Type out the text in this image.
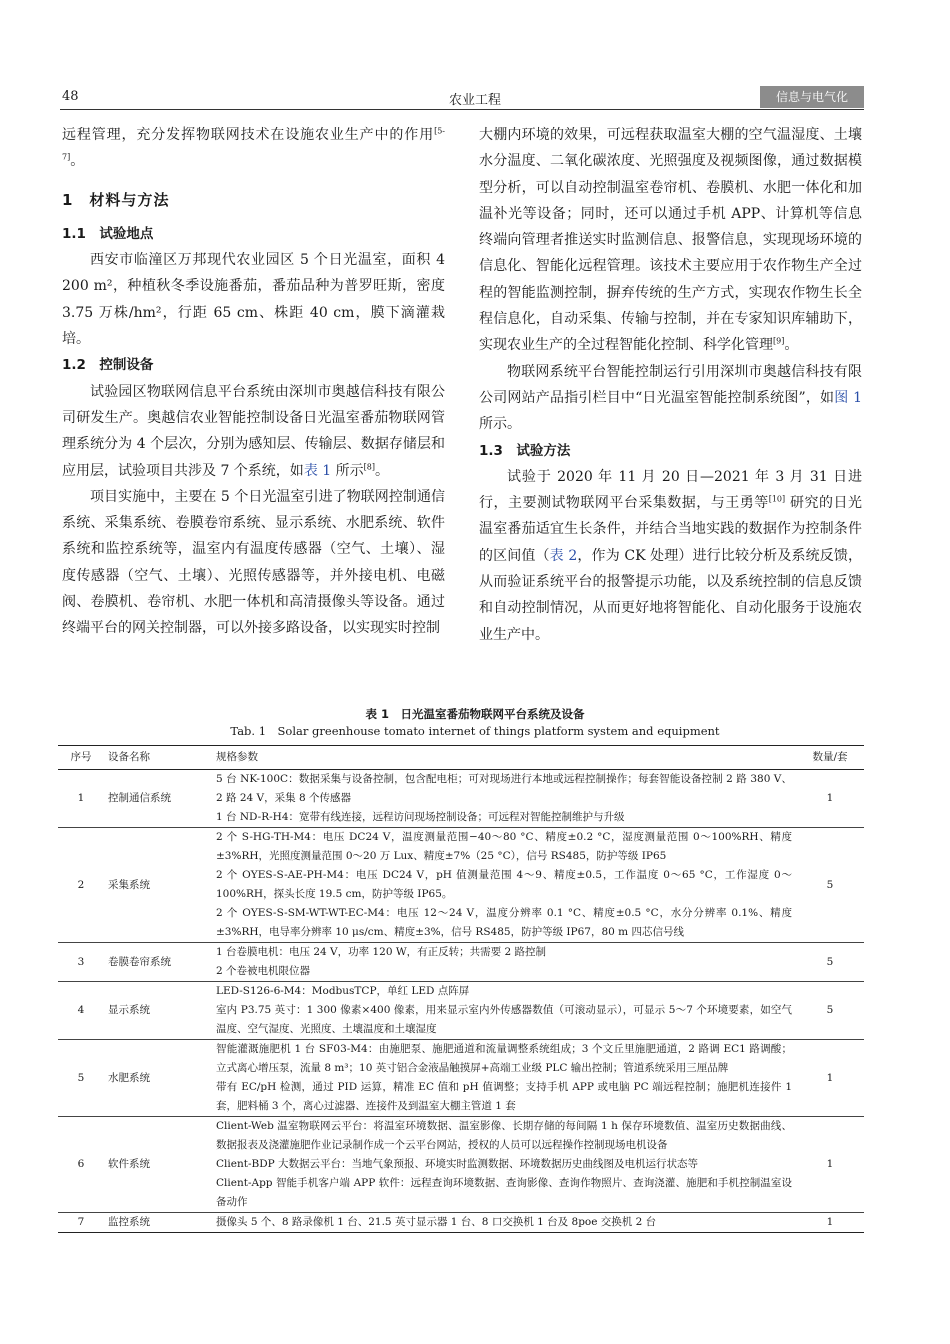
48	农业工程	信息与电气化

远程管理，充分发挥物联网技术在设施农业生产中的作用[5-7]。

1　材料与方法

1.1　试验地点

西安市临潼区万邦现代农业园区 5 个日光温室，面积 4 200 m²，种植秋冬季设施番茄，番茄品种为普罗旺斯，密度 3.75 万株/hm²，行距 65 cm、株距 40 cm，膜下滴灌栽培。

1.2　控制设备

试验园区物联网信息平台系统由深圳市奥越信科技有限公司研发生产。奥越信农业智能控制设备日光温室番茄物联网管理系统分为 4 个层次，分别为感知层、传输层、数据存储层和应用层，试验项目共涉及 7 个系统，如表 1 所示[8]。

项目实施中，主要在 5 个日光温室引进了物联网控制通信系统、采集系统、卷膜卷帘系统、显示系统、水肥系统、软件系统和监控系统等，温室内有温度传感器（空气、土壤）、湿度传感器（空气、土壤）、光照传感器等，并外接电机、电磁阀、卷膜机、卷帘机、水肥一体机和高清摄像头等设备。通过终端平台的网关控制器，可以外接多路设备，以实现实时控制

大棚内环境的效果，可远程获取温室大棚的空气温湿度、土壤水分温度、二氧化碳浓度、光照强度及视频图像，通过数据模型分析，可以自动控制温室卷帘机、卷膜机、水肥一体化和加温补光等设备；同时，还可以通过手机 APP、计算机等信息终端向管理者推送实时监测信息、报警信息，实现现场环境的信息化、智能化远程管理。该技术主要应用于农作物生产全过程的智能监测控制，摒弃传统的生产方式，实现农作物生长全程信息化，自动采集、传输与控制，并在专家知识库辅助下，实现农业生产的全过程智能化控制、科学化管理[9]。

物联网系统平台智能控制运行引用深圳市奥越信科技有限公司网站产品指引栏目中“日光温室智能控制系统图”，如图 1 所示。

1.3　试验方法

试验于 2020 年 11 月 20 日—2021 年 3 月 31 日进行，主要测试物联网平台采集数据，与王勇等[10] 研究的日光温室番茄适宜生长条件，并结合当地实践的数据作为控制条件的区间值（表 2，作为 CK 处理）进行比较分析及系统反馈，从而验证系统平台的报警提示功能，以及系统控制的信息反馈和自动控制情况，从而更好地将智能化、自动化服务于设施农业生产中。

表 1　日光温室番茄物联网平台系统及设备
Tab. 1　Solar greenhouse tomato internet of things platform system and equipment
序号	设备名称	规格参数	数量/套
1	控制通信系统	5 台 NK-100C：数据采集与设备控制，包含配电柜；可对现场进行本地或远程控制操作；每套智能设备控制 2 路 380 V、2 路 24 V，采集 8 个传感器
1 台 ND-R-H4：宽带有线连接，远程访问现场控制设备；可远程对智能控制维护与升级	1
2	采集系统	2 个 S-HG-TH-M4：电压 DC24 V，温度测量范围−40～80 °C、精度±0.2 °C，湿度测量范围 0～100%RH、精度±3%RH，光照度测量范围 0～20 万 Lux、精度±7%（25 °C），信号 RS485，防护等级 IP65
2 个 OYES-S-AE-PH-M4：电压 DC24 V，pH 值测量范围 4～9、精度±0.5，工作温度 0～65 °C，工作湿度 0～100%RH，探头长度 19.5 cm，防护等级 IP65。
2 个 OYES-S-SM-WT-WT-EC-M4：电压 12～24 V，温度分辨率 0.1 °C、精度±0.5 °C，水分分辨率 0.1%、精度±3%RH，电导率分辨率 10 μs/cm、精度±3%，信号 RS485，防护等级 IP67，80 m 四芯信号线	5
3	卷膜卷帘系统	1 台卷膜电机：电压 24 V，功率 120 W，有正反转；共需要 2 路控制
2 个卷被电机限位器	5
4	显示系统	LED-S126-6-M4：ModbusTCP，单红 LED 点阵屏
室内 P3.75 英寸：1 300 像素×400 像素，用来显示室内外传感器数值（可滚动显示），可显示 5～7 个环境要素，如空气温度、空气湿度、光照度、土壤温度和土壤湿度	5
5	水肥系统	智能灌溉施肥机 1 台 SF03-M4：由施肥泵、施肥通道和流量调整系统组成；3 个文丘里施肥通道，2 路调 EC1 路调酸；立式离心增压泵，流量 8 m³；10 英寸铝合金液晶触摸屏+高端工业级 PLC 输出控制；管道系统采用三厘品牌
带有 EC/pH 检测，通过 PID 运算，精准 EC 值和 pH 值调整；支持手机 APP 或电脑 PC 端远程控制；施肥机连接件 1 套，肥料桶 3 个，离心过滤器、连接件及到温室大棚主管道 1 套	1
6	软件系统	Client-Web 温室物联网云平台：将温室环境数据、温室影像、长期存储的每间隔 1 h 保存环境数值、温室历史数据曲线、数据报表及浇灌施肥作业记录制作成一个云平台网站，授权的人员可以远程操作控制现场电机设备
Client-BDP 大数据云平台：当地气象预报、环境实时监测数据、环境数据历史曲线图及电机运行状态等
Client-App 智能手机客户端 APP 软件：远程查询环境数据、查询影像、查询作物照片、查询浇灌、施肥和手机控制温室设备动作	1
7	监控系统	摄像头 5 个、8 路录像机 1 台、21.5 英寸显示器 1 台、8 口交换机 1 台及 8poe 交换机 2 台	1
